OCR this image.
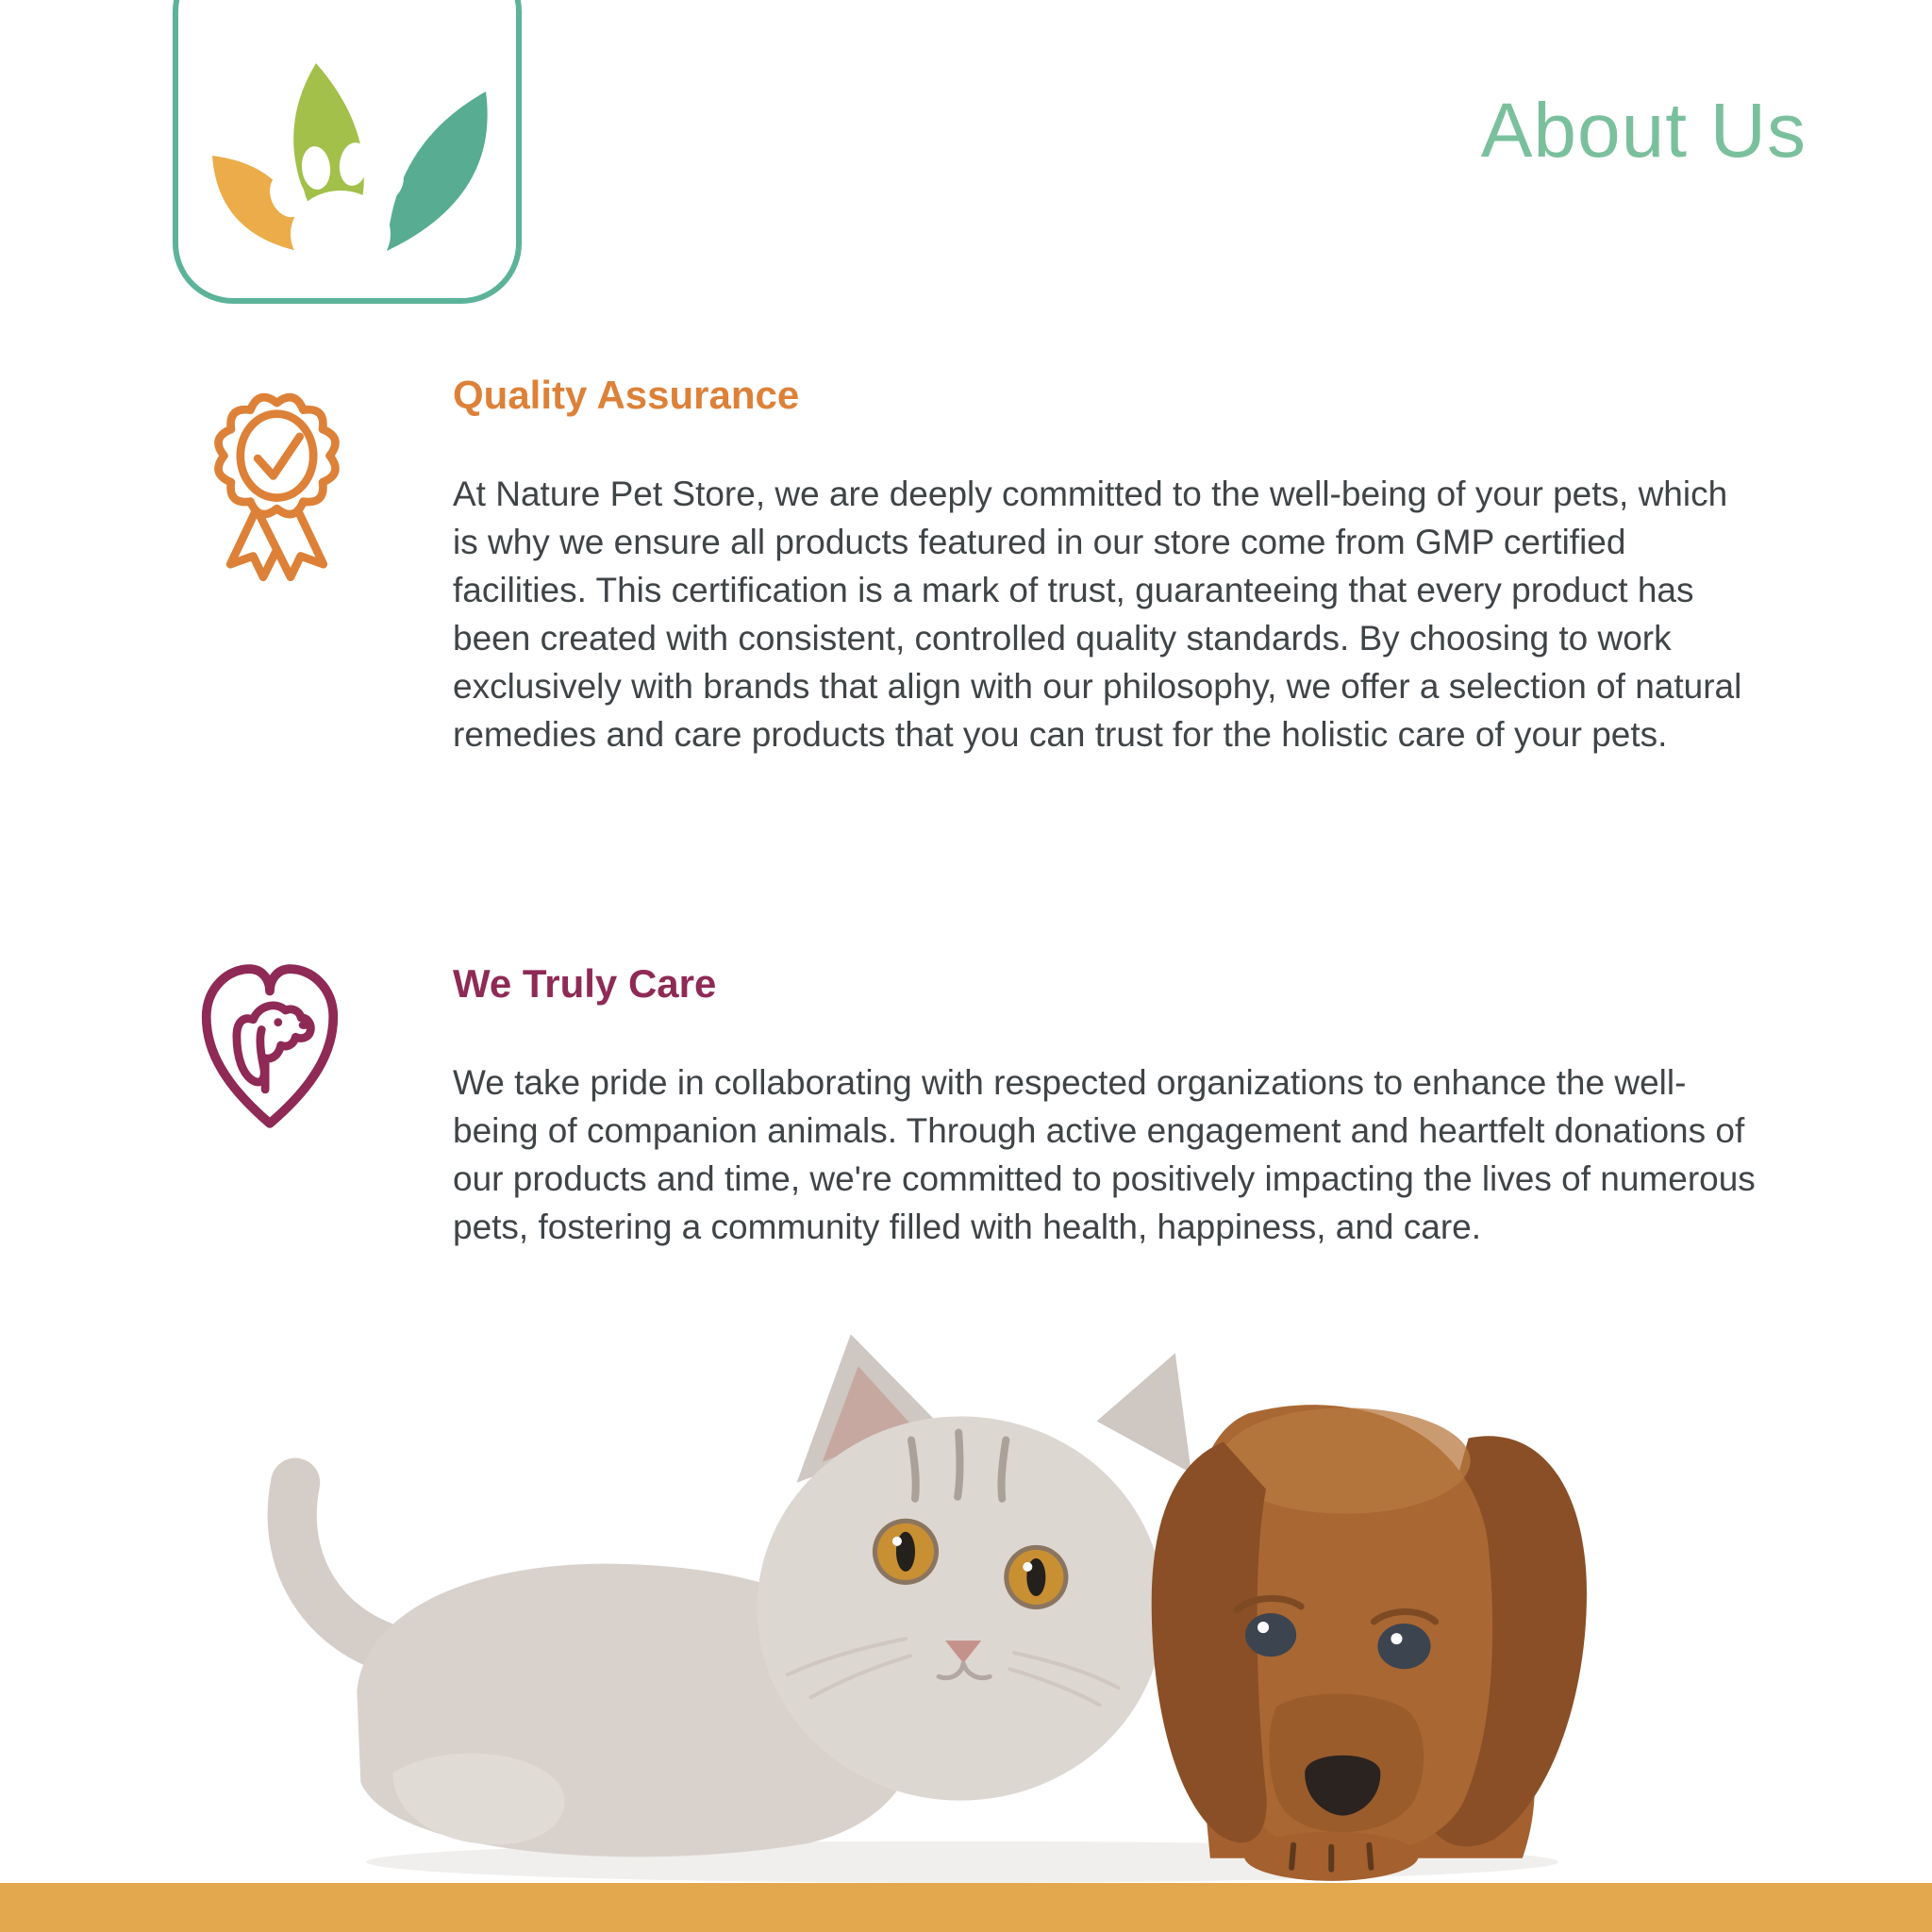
About Us
Quality Assurance

At Nature Pet Store, we are deeply committed to the well-being of your pets, which is why we ensure all products featured in our store come from GMP certified facilities. This certification is a mark of trust, guaranteeing that every product has been created with consistent, controlled quality standards. By choosing to work exclusively with brands that align with our philosophy, we offer a selection of natural remedies and care products that you can trust for the holistic care of your pets.

We Truly Care

We take pride in collaborating with respected organizations to enhance the well-being of companion animals. Through active engagement and heartfelt donations of our products and time, we're committed to positively impacting the lives of numerous pets, fostering a community filled with health, happiness, and care.
